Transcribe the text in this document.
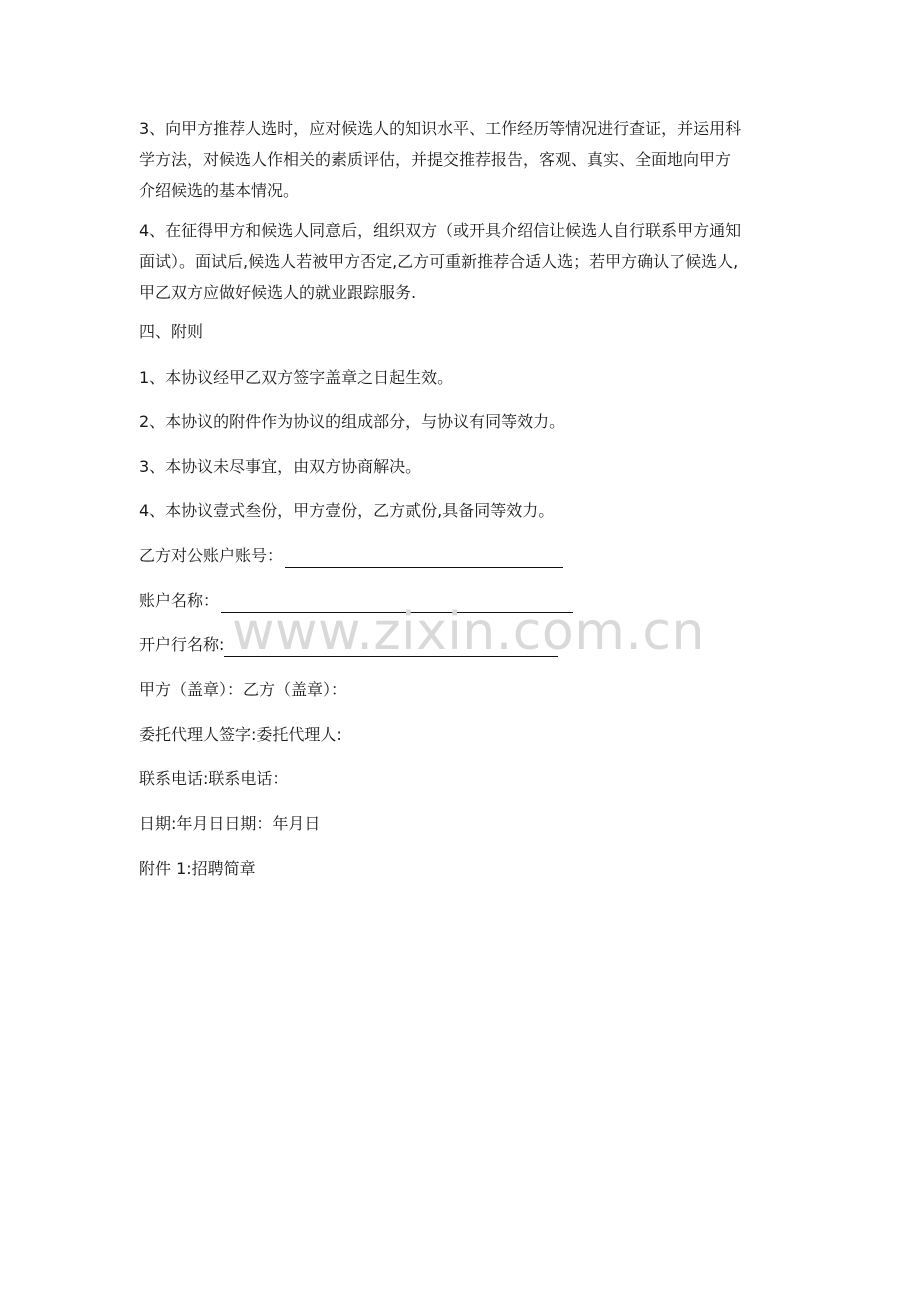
3、向甲方推荐人选时，应对候选人的知识水平、工作经历等情况进行查证，并运用科
学方法，对候选人作相关的素质评估，并提交推荐报告，客观、真实、全面地向甲方
介绍候选的基本情况。

4、在征得甲方和候选人同意后，组织双方（或开具介绍信让候选人自行联系甲方通知
面试）。面试后,候选人若被甲方否定,乙方可重新推荐合适人选；若甲方确认了候选人,
甲乙双方应做好候选人的就业跟踪服务.

四、附则
1、本协议经甲乙双方签字盖章之日起生效。
2、本协议的附件作为协议的组成部分，与协议有同等效力。
3、本协议未尽事宜，由双方协商解决。
4、本协议壹式叁份，甲方壹份，乙方贰份,具备同等效力。
乙方对公账户账号：
账户名称：
开户行名称:
甲方（盖章）：乙方（盖章）：
委托代理人签字:委托代理人:
联系电话:联系电话：
日期:年月日日期：年月日
附件 1:招聘简章
www.zixin.com.cn
